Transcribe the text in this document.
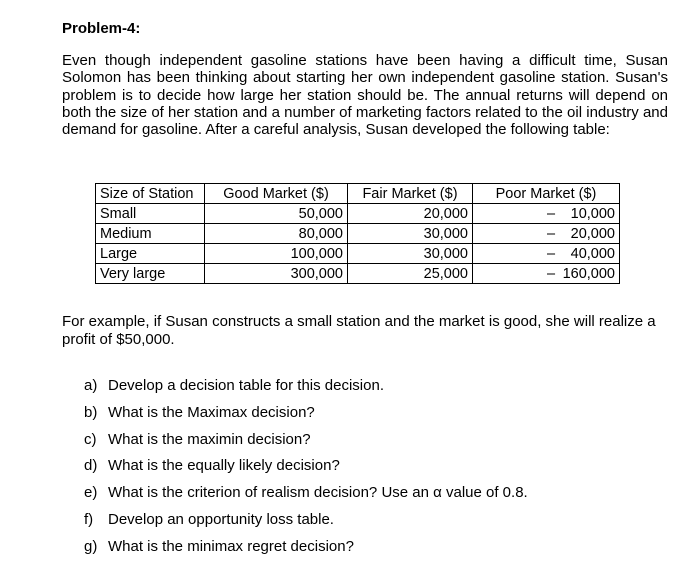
Problem-4:
Even though independent gasoline stations have been having a difficult time, Susan Solomon has been thinking about starting her own independent gasoline station. Susan's problem is to decide how large her station should be. The annual returns will depend on both the size of her station and a number of marketing factors related to the oil industry and demand for gasoline. After a careful analysis, Susan developed the following table:
Size of Station	Good Market ($)	Fair Market ($)	Poor Market ($)
Small	50,000	20,000	– 10,000

Medium	80,000	30,000	– 20,000

Large	100,000	30,000	– 40,000

Very large	300,000	25,000	– 160,000
For example, if Susan constructs a small station and the market is good, she will realize a profit of $50,000.
a) Develop a decision table for this decision.
b) What is the Maximax decision?
c) What is the maximin decision?
d) What is the equally likely decision?
e) What is the criterion of realism decision? Use an α value of 0.8.
f) Develop an opportunity loss table.
g) What is the minimax regret decision?
